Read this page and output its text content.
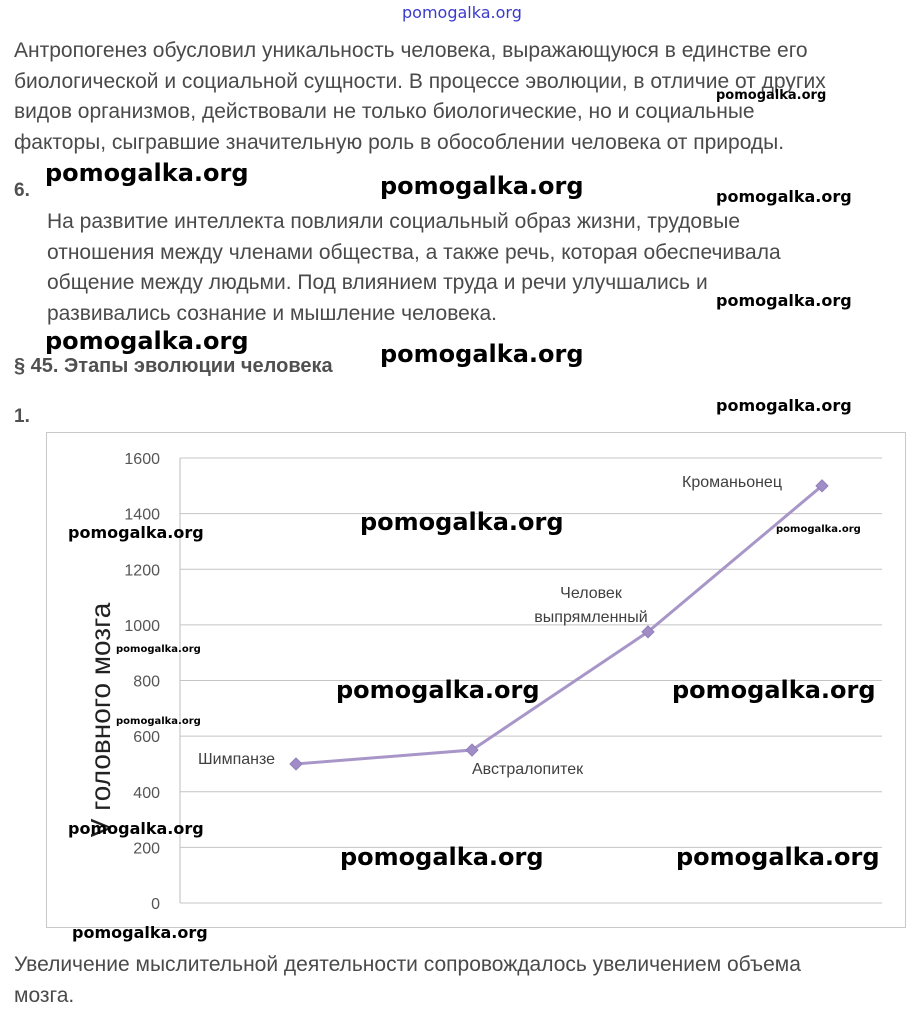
pomogalka.org
Антропогенез обусловил уникальность человека, выражающуюся в единстве его
биологической и социальной сущности. В процессе эволюции, в отличие от других
видов организмов, действовали не только биологические, но и социальные
факторы, сыгравшие значительную роль в обособлении человека от природы.
6.
На развитие интеллекта повлияли социальный образ жизни, трудовые
отношения между членами общества, а также речь, которая обеспечивала
общение между людьми. Под влиянием труда и речи улучшались и
развивались сознание и мышление человека.
§ 45. Этапы эволюции человека
1.
0
200
400
600
800
1000
1200
1400
1600
V головного мозга	Шимпанзе
Австралопитек
Человек
выпрямленный
Кроманьонец
Увеличение мыслительной деятельности сопровождалось увеличением объема
мозга.
pomogalka.org
pomogalka.org	pomogalka.org	pomogalka.org
pomogalka.org
pomogalka.org	pomogalka.org
pomogalka.org
pomogalka.org
pomogalka.org	pomogalka.org
pomogalka.org
pomogalka.org	pomogalka.org
pomogalka.org
pomogalka.org
pomogalka.org	pomogalka.org
pomogalka.org
